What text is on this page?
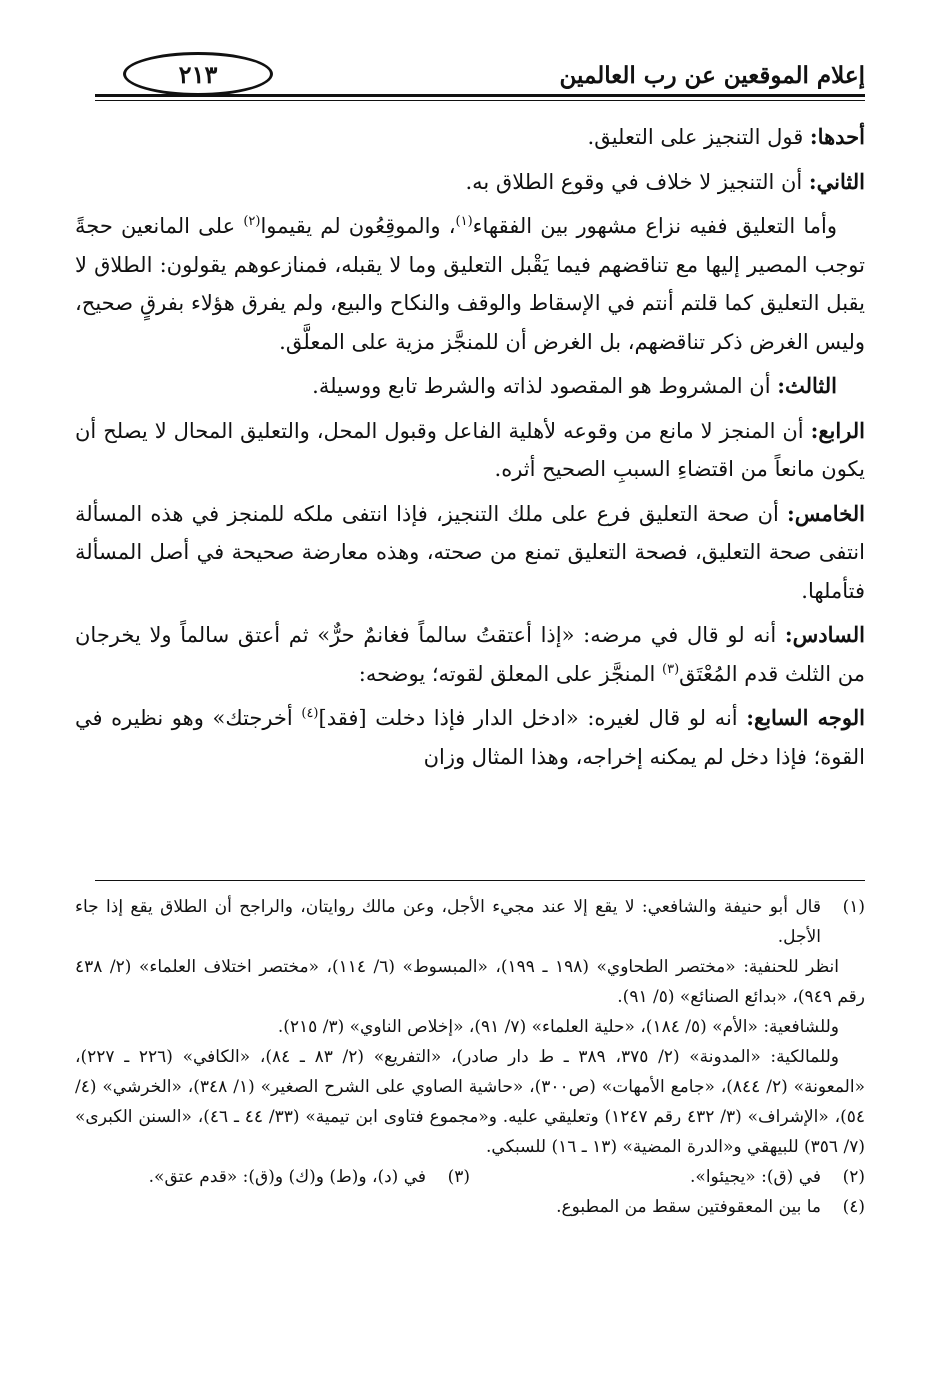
إعلام الموقعين عن رب العالمين
٢١٣

أحدها: قول التنجيز على التعليق.

الثاني: أن التنجيز لا خلاف في وقوع الطلاق به.

وأما التعليق ففيه نزاع مشهور بين الفقهاء$^{(١)}$، والموقِعُون لم يقيموا$^{(٢)}$ على المانعين حجةً توجب المصير إليها مع تناقضهم فيما يَقْبل التعليق وما لا يقبله، فمنازعوهم يقولون: الطلاق لا يقبل التعليق كما قلتم أنتم في الإسقاط والوقف والنكاح والبيع، ولم يفرق هؤلاء بفرقٍ صحيح، وليس الغرض ذكر تناقضهم، بل الغرض أن للمنجَّز مزية على المعلَّق.

الثالث: أن المشروط هو المقصود لذاته والشرط تابع ووسيلة.

الرابع: أن المنجز لا مانع من وقوعه لأهلية الفاعل وقبول المحل، والتعليق المحال لا يصلح أن يكون مانعاً من اقتضاءِ السببِ الصحيح أثره.

الخامس: أن صحة التعليق فرع على ملك التنجيز، فإذا انتفى ملكه للمنجز في هذه المسألة انتفى صحة التعليق، فصحة التعليق تمنع من صحته، وهذه معارضة صحيحة في أصل المسألة فتأملها.

السادس: أنه لو قال في مرضه: «إذا أعتقتُ سالماً فغانمٌ حرٌّ» ثم أعتق سالماً ولا يخرجان من الثلث قدم المُعْتَق$^{(٣)}$ المنجَّز على المعلق لقوته؛ يوضحه:

الوجه السابع: أنه لو قال لغيره: «ادخل الدار فإذا دخلت [فقد]$^{(٤)}$ أخرجتك» وهو نظيره في القوة؛ فإذا دخل لم يمكنه إخراجه، وهذا المثال وزان

(١)

قال أبو حنيفة والشافعي: لا يقع إلا عند مجيء الأجل، وعن مالك روايتان، والراجح أن الطلاق يقع إذا جاء الأجل.

انظر للحنفية: «مختصر الطحاوي» (١٩٨ ـ ١٩٩)، «المبسوط» (٦/ ١١٤)، «مختصر اختلاف العلماء» (٢/ ٤٣٨ رقم ٩٤٩)، «بدائع الصنائع» (٥/ ٩١).

وللشافعية: «الأم» (٥/ ١٨٤)، «حلية العلماء» (٧/ ٩١)، «إخلاص الناوي» (٣/ ٢١٥).

وللمالكية: «المدونة» (٢/ ٣٧٥، ٣٨٩ ـ ط دار صادر)، «التفريع» (٢/ ٨٣ ـ ٨٤)، «الكافي» (٢٢٦ ـ ٢٢٧)، «المعونة» (٢/ ٨٤٤)، «جامع الأمهات» (ص٣٠٠)، «حاشية الصاوي على الشرح الصغير» (١/ ٣٤٨)، «الخرشي» (٤/ ٥٤)، «الإشراف» (٣/ ٤٣٢ رقم ١٢٤٧) وتعليقي عليه. و«مجموع فتاوى ابن تيمية» (٣٣/ ٤٤ ـ ٤٦)، «السنن الكبرى» (٧/ ٣٥٦) للبيهقي و«الدرة المضية» (١٣ ـ ١٦) للسبكي.

(٢)
في (ق): «يجيئوا».
(٣)
في (د)، و(ط) و(ك) و(ق): «قدم عتق».
(٤)
ما بين المعقوفتين سقط من المطبوع.
